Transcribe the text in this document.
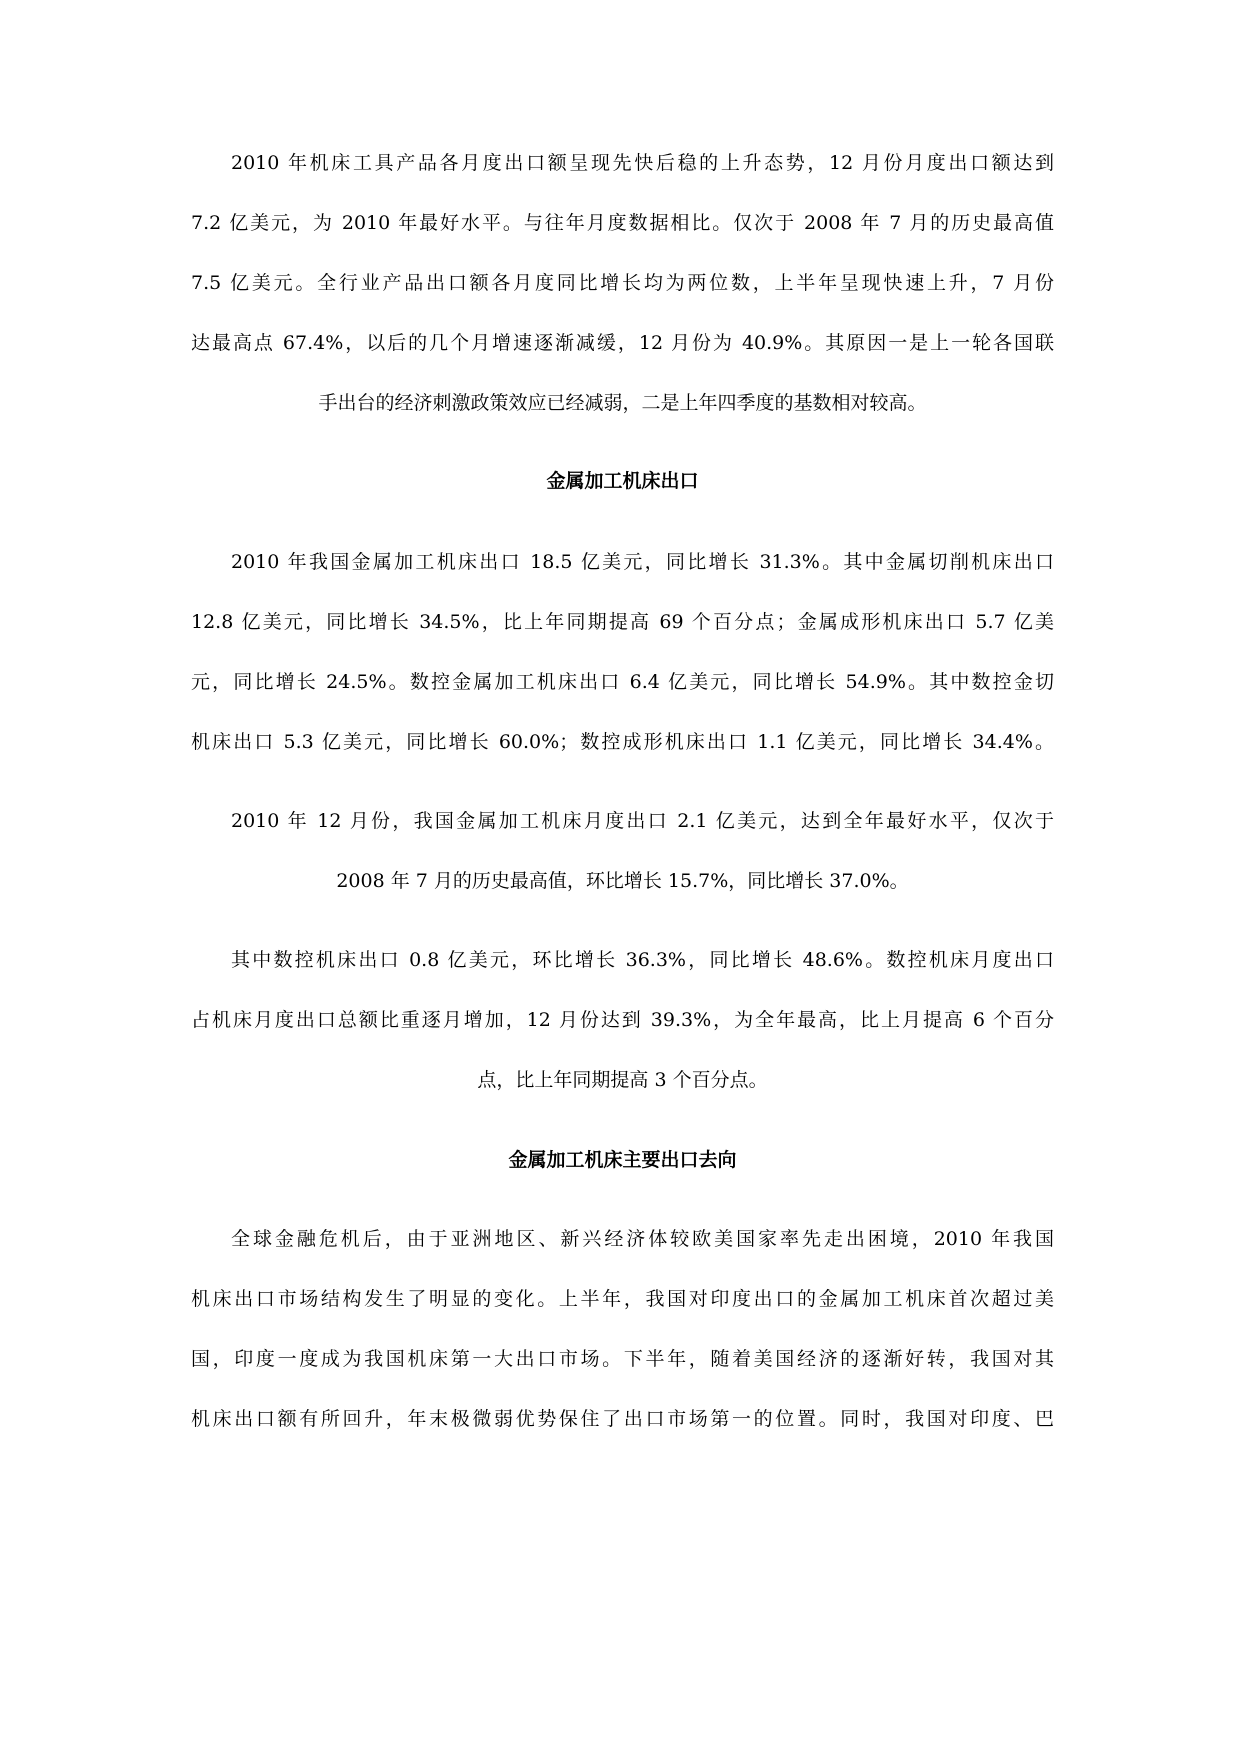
2010 年机床工具产品各月度出口额呈现先快后稳的上升态势，12 月份月度出口额达到
7.2 亿美元，为 2010 年最好水平。与往年月度数据相比。仅次于 2008 年 7 月的历史最高值
7.5 亿美元。全行业产品出口额各月度同比增长均为两位数，上半年呈现快速上升，7 月份
达最高点 67.4%，以后的几个月增速逐渐减缓，12 月份为 40.9%。其原因一是上一轮各国联
手出台的经济刺激政策效应已经减弱，二是上年四季度的基数相对较高。
金属加工机床出口
2010 年我国金属加工机床出口 18.5 亿美元，同比增长 31.3%。其中金属切削机床出口
12.8 亿美元，同比增长 34.5%，比上年同期提高 69 个百分点；金属成形机床出口 5.7 亿美
元，同比增长 24.5%。数控金属加工机床出口 6.4 亿美元，同比增长 54.9%。其中数控金切
机床出口 5.3 亿美元，同比增长 60.0%；数控成形机床出口 1.1 亿美元，同比增长 34.4%。
2010 年 12 月份，我国金属加工机床月度出口 2.1 亿美元，达到全年最好水平，仅次于
2008 年 7 月的历史最高值，环比增长 15.7%，同比增长 37.0%。
其中数控机床出口 0.8 亿美元，环比增长 36.3%，同比增长 48.6%。数控机床月度出口
占机床月度出口总额比重逐月增加，12 月份达到 39.3%，为全年最高，比上月提高 6 个百分
点，比上年同期提高 3 个百分点。
金属加工机床主要出口去向
全球金融危机后，由于亚洲地区、新兴经济体较欧美国家率先走出困境，2010 年我国
机床出口市场结构发生了明显的变化。上半年，我国对印度出口的金属加工机床首次超过美
国，印度一度成为我国机床第一大出口市场。下半年，随着美国经济的逐渐好转，我国对其
机床出口额有所回升，年末极微弱优势保住了出口市场第一的位置。同时，我国对印度、巴
